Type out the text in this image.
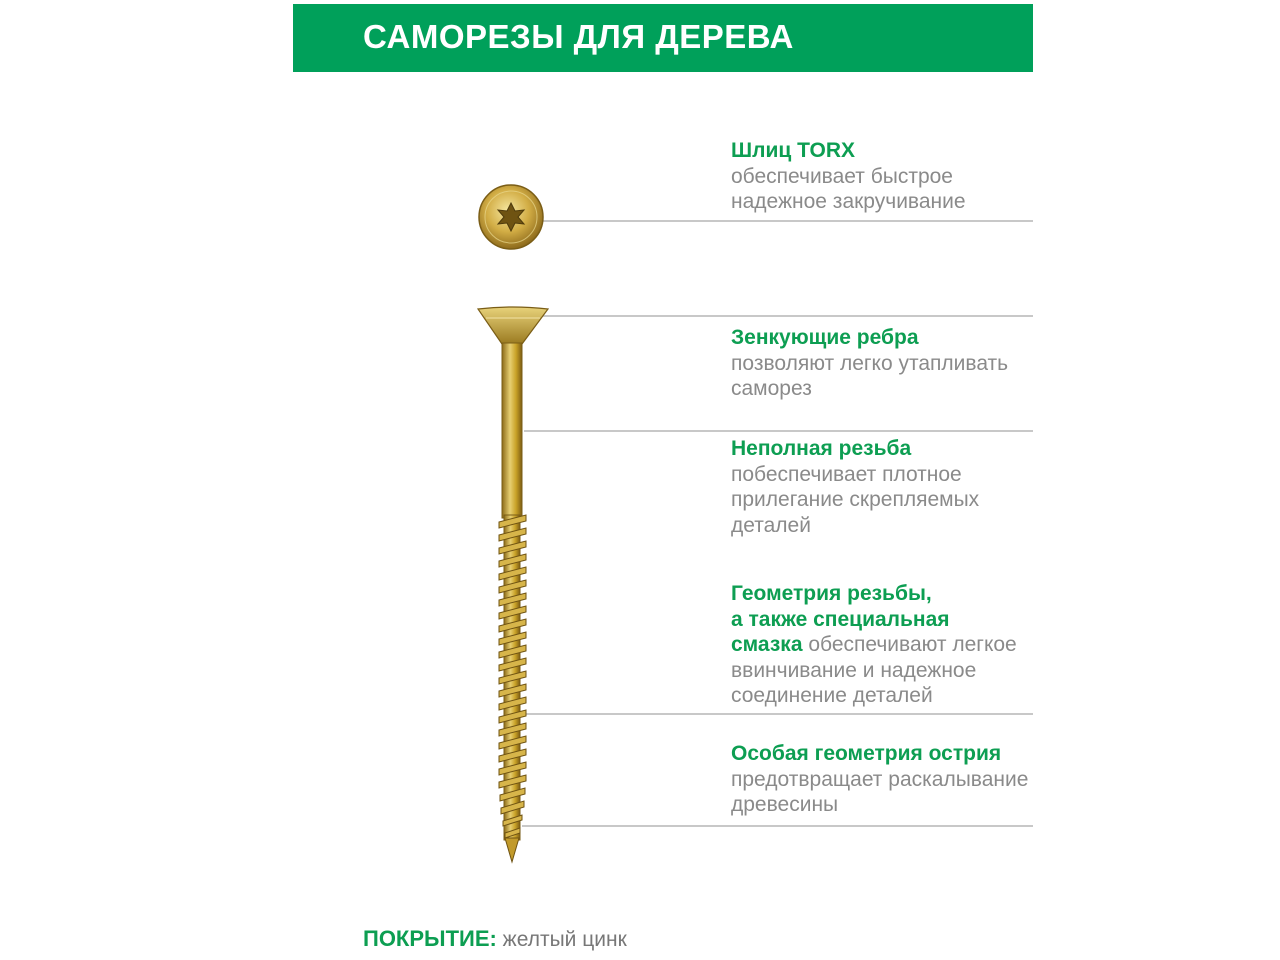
САМОРЕЗЫ ДЛЯ ДЕРЕВА
Шлиц TORX
обеспечивает быстрое
надежное закручивание
Зенкующие ребра
позволяют легко утапливать
саморез
Неполная резьба
побеспечивает плотное
прилегание скрепляемых
деталей
Геометрия резьбы,
а также специальная
смазка обеспечивают легкое
ввинчивание и надежное
соединение деталей
Особая геометрия острия
предотвращает раскалывание
древесины
ПОКРЫТИЕ: желтый цинк
